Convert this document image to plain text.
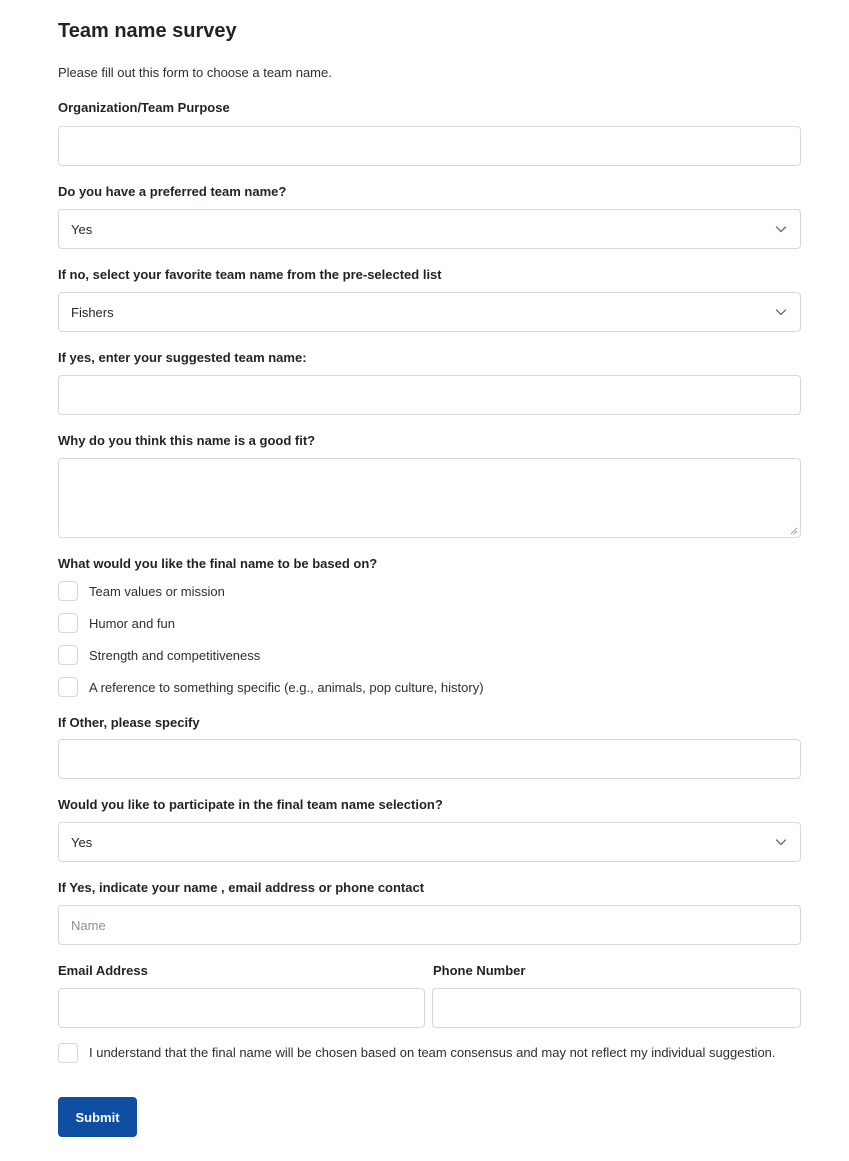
Team name survey
Please fill out this form to choose a team name.
Organization/Team Purpose
Do you have a preferred team name?
Yes
If no, select your favorite team name from the pre-selected list
Fishers
If yes, enter your suggested team name:
Why do you think this name is a good fit?
What would you like the final name to be based on?
Team values or mission
Humor and fun
Strength and competitiveness
A reference to something specific (e.g., animals, pop culture, history)
If Other, please specify
Would you like to participate in the final team name selection?
Yes
If Yes, indicate your name , email address or phone contact
Name
Email Address	Phone Number
I understand that the final name will be chosen based on team consensus and may not reflect my individual suggestion.
Submit
